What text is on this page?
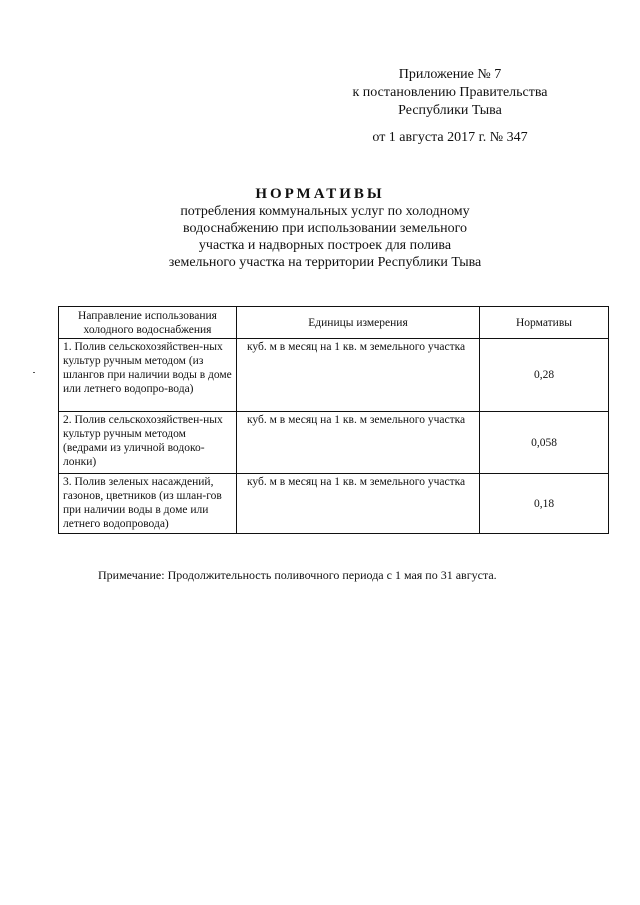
Приложение № 7
к постановлению Правительства
Республики Тыва
от 1 августа 2017 г. № 347
НОРМАТИВЫ
потребления коммунальных услуг по холодному
водоснабжению при использовании земельного
участка и надворных построек для полива
земельного участка на территории Республики Тыва
Направление использования холодного водоснабжения	Единицы измерения	Нормативы
1. Полив сельскохозяйствен-ных культур ручным методом (из шлангов при наличии воды в доме или летнего водопро-вода)	куб. м в месяц на 1 кв. м земельного участка	0,28
2. Полив сельскохозяйствен-ных культур ручным методом (ведрами из уличной водоко-лонки)	куб. м в месяц на 1 кв. м земельного участка	0,058
3. Полив зеленых насаждений, газонов, цветников (из шлан-гов при наличии воды в доме или летнего водопровода)	куб. м в месяц на 1 кв. м земельного участка	0,18
Примечание: Продолжительность поливочного периода с 1 мая по 31 августа.
